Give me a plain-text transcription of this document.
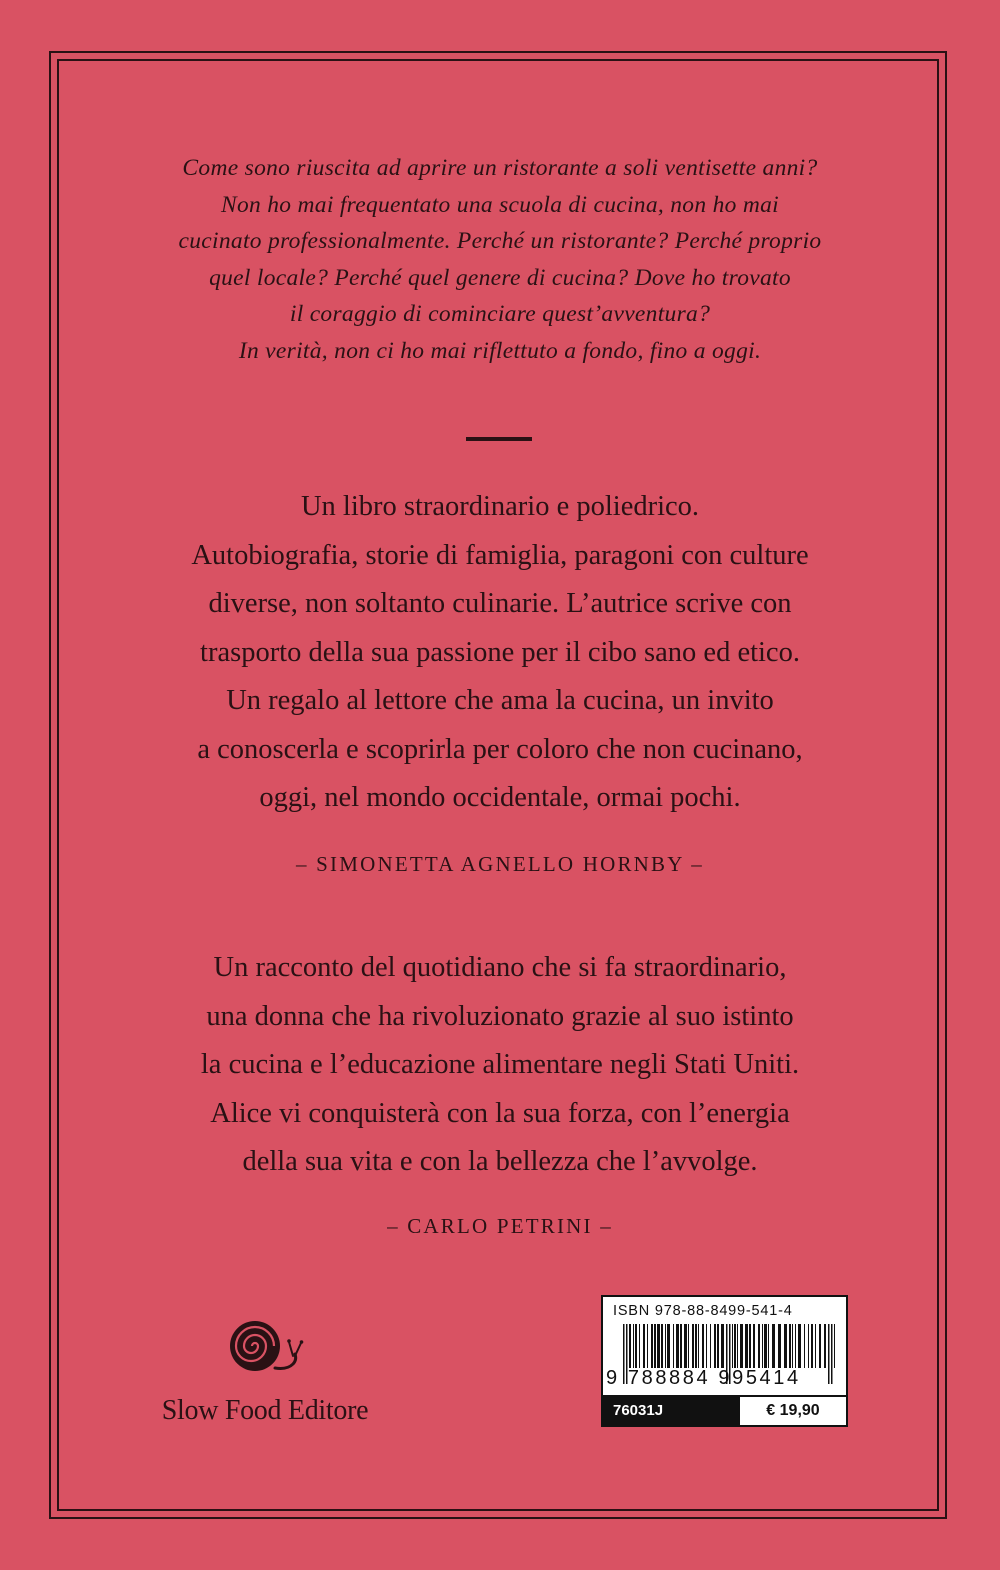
Come sono riuscita ad aprire un ristorante a soli ventisette anni?
Non ho mai frequentato una scuola di cucina, non ho mai
cucinato professionalmente. Perché un ristorante? Perché proprio
quel locale? Perché quel genere di cucina? Dove ho trovato
il coraggio di cominciare quest’avventura?
In verità, non ci ho mai riflettuto a fondo, fino a oggi.
Un libro straordinario e poliedrico.
Autobiografia, storie di famiglia, paragoni con culture
diverse, non soltanto culinarie. L’autrice scrive con
trasporto della sua passione per il cibo sano ed etico.
Un regalo al lettore che ama la cucina, un invito
a conoscerla e scoprirla per coloro che non cucinano,
oggi, nel mondo occidentale, ormai pochi.
– SIMONETTA AGNELLO HORNBY –
Un racconto del quotidiano che si fa straordinario,
una donna che ha rivoluzionato grazie al suo istinto
la cucina e l’educazione alimentare negli Stati Uniti.
Alice vi conquisterà con la sua forza, con l’energia
della sua vita e con la bellezza che l’avvolge.
– CARLO PETRINI –
Slow Food Editore
ISBN 978-88-8499-541-4
9 788884 995414
76031J	€ 19,90
